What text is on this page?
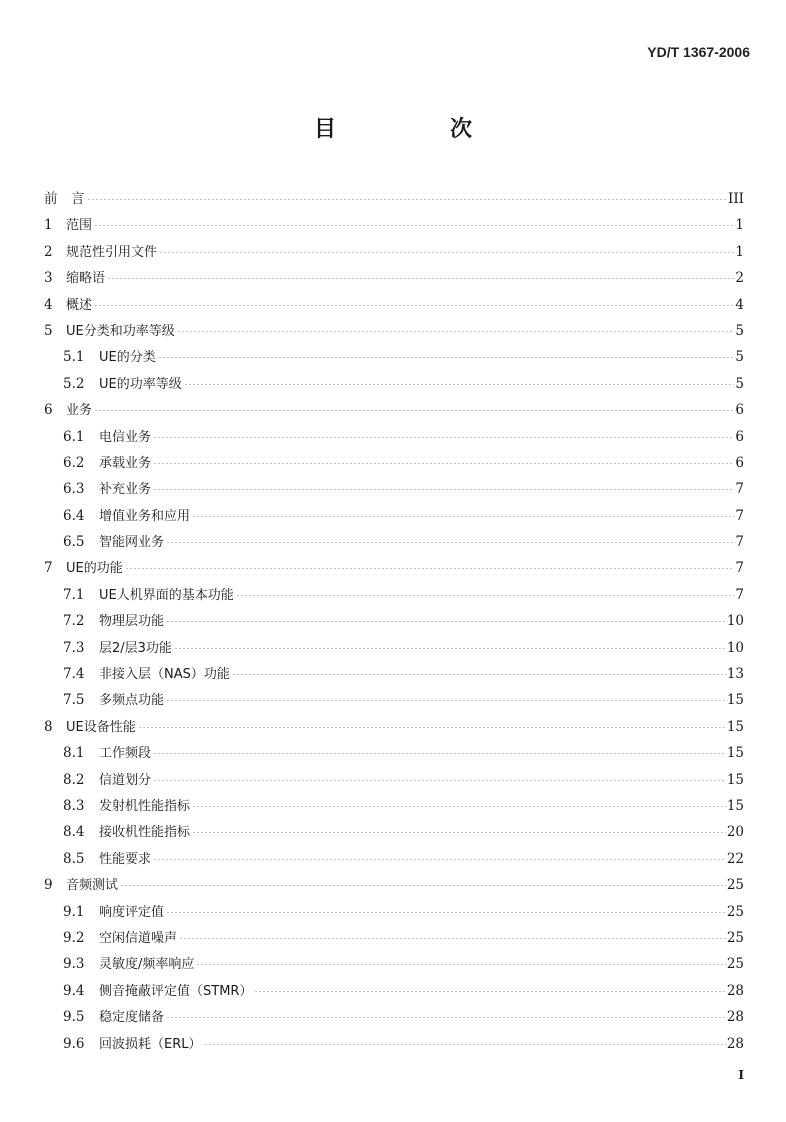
YD/T 1367-2006
目　次
前　言	III
1	范围	1
2	规范性引用文件	1
3	缩略语	2
4	概述	4
5	UE分类和功率等级	5
5.1	UE的分类	5
5.2	UE的功率等级	5
6	业务	6
6.1	电信业务	6
6.2	承载业务	6
6.3	补充业务	7
6.4	增值业务和应用	7
6.5	智能网业务	7
7	UE的功能	7
7.1	UE人机界面的基本功能	7
7.2	物理层功能	10
7.3	层2/层3功能	10
7.4	非接入层（NAS）功能	13
7.5	多频点功能	15
8	UE设备性能	15
8.1	工作频段	15
8.2	信道划分	15
8.3	发射机性能指标	15
8.4	接收机性能指标	20
8.5	性能要求	22
9	音频测试	25
9.1	响度评定值	25
9.2	空闲信道噪声	25
9.3	灵敏度/频率响应	25
9.4	侧音掩蔽评定值（STMR）	28
9.5	稳定度储备	28
9.6	回波损耗（ERL）	28
I
